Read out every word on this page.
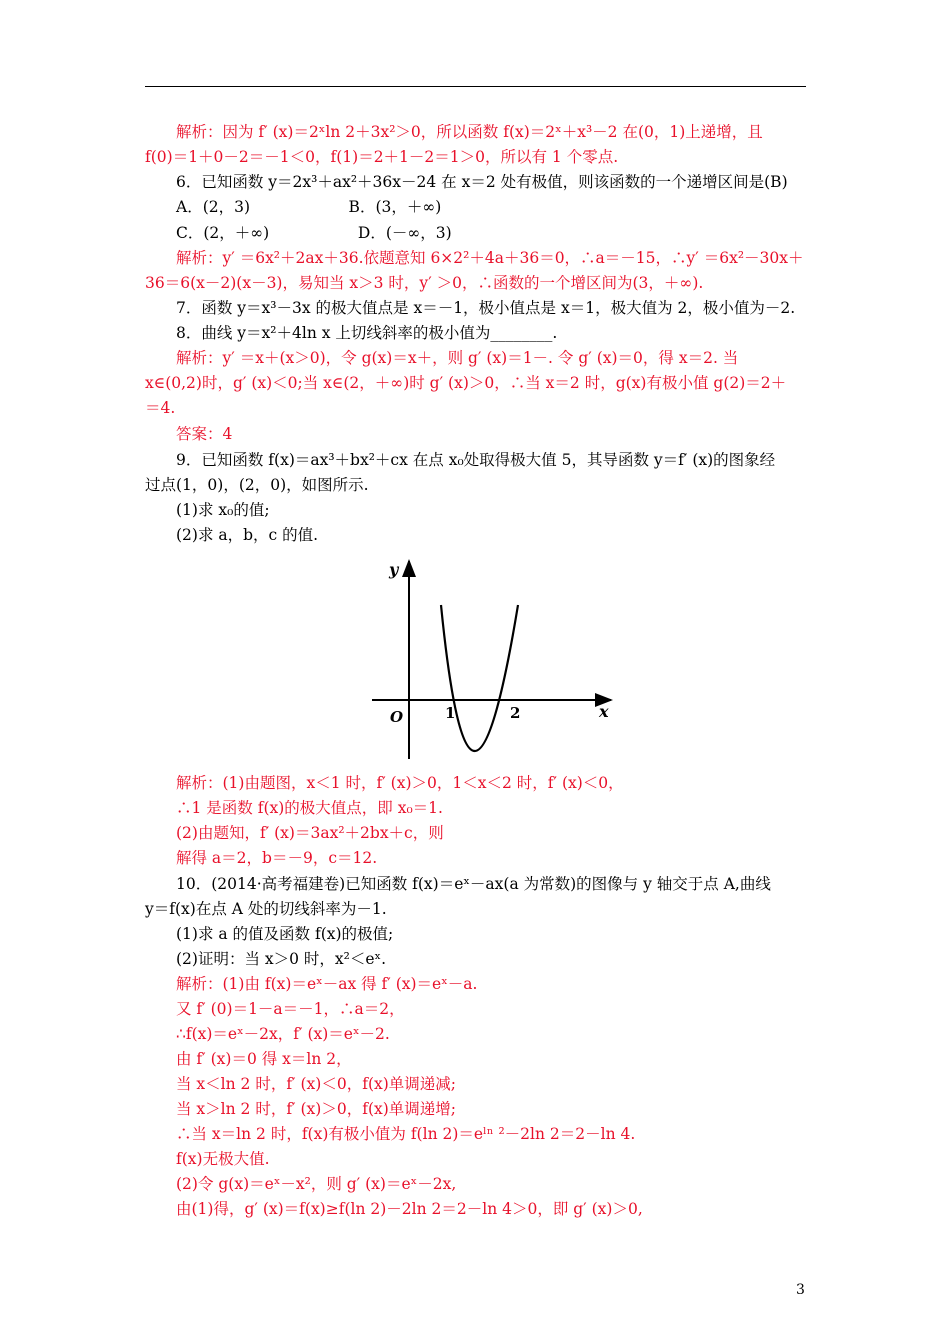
解析：因为 f′ (x)＝2ˣln 2＋3x²＞0，所以函数 f(x)＝2ˣ＋x³－2 在(0，1)上递增，且
f(0)＝1＋0－2＝－1＜0，f(1)＝2＋1－2＝1＞0，所以有 1 个零点.
6．已知函数 y＝2x³＋ax²＋36x－24 在 x＝2 处有极值，则该函数的一个递增区间是(B)
A．(2，3)                    B．(3，＋∞)
C．(2，＋∞)                  D．(－∞，3)
解析：y′ ＝6x²＋2ax＋36.依题意知 6×2²＋4a＋36＝0，∴a＝－15，∴y′ ＝6x²－30x＋
36＝6(x－2)(x－3)，易知当 x＞3 时，y′ ＞0，∴函数的一个增区间为(3，＋∞).
7．函数 y＝x³－3x 的极大值点是 x＝－1，极小值点是 x＝1，极大值为 2，极小值为－2.
8．曲线 y＝x²＋4ln x 上切线斜率的极小值为________.
解析：y′ ＝x＋(x＞0)，令 g(x)＝x＋，则 g′ (x)＝1－. 令 g′ (x)＝0，得 x＝2. 当
x∈(0,2)时，g′ (x)＜0;当 x∈(2，＋∞)时 g′ (x)＞0，∴当 x＝2 时，g(x)有极小值 g(2)＝2＋
＝4.
答案：4
9．已知函数 f(x)＝ax³＋bx²＋cx 在点 x₀处取得极大值 5，其导函数 y＝f′ (x)的图象经
过点(1，0)，(2，0)，如图所示.
(1)求 x₀的值;
(2)求 a，b，c 的值.
解析：(1)由题图，x＜1 时，f′ (x)＞0，1＜x＜2 时，f′ (x)＜0，
∴1 是函数 f(x)的极大值点，即 x₀＝1.
(2)由题知，f′ (x)＝3ax²＋2bx＋c，则
解得 a＝2，b＝－9，c＝12.
10．(2014·高考福建卷)已知函数 f(x)＝eˣ－ax(a 为常数)的图像与 y 轴交于点 A,曲线
y＝f(x)在点 A 处的切线斜率为－1.
(1)求 a 的值及函数 f(x)的极值;
(2)证明：当 x＞0 时，x²＜eˣ.
解析：(1)由 f(x)＝eˣ－ax 得 f′ (x)＝eˣ－a.
又 f′ (0)＝1－a＝－1，∴a＝2，
∴f(x)＝eˣ－2x，f′ (x)＝eˣ－2.
由 f′ (x)＝0 得 x＝ln 2，
当 x＜ln 2 时，f′ (x)＜0，f(x)单调递减;
当 x＞ln 2 时，f′ (x)＞0，f(x)单调递增;
∴当 x＝ln 2 时，f(x)有极小值为 f(ln 2)＝eˡⁿ ²－2ln 2＝2－ln 4.
f(x)无极大值.
(2)令 g(x)＝eˣ－x²，则 g′ (x)＝eˣ－2x,
由(1)得，g′ (x)＝f(x)≥f(ln 2)－2ln 2＝2－ln 4＞0，即 g′ (x)＞0,
y
x
O	1	2
3
